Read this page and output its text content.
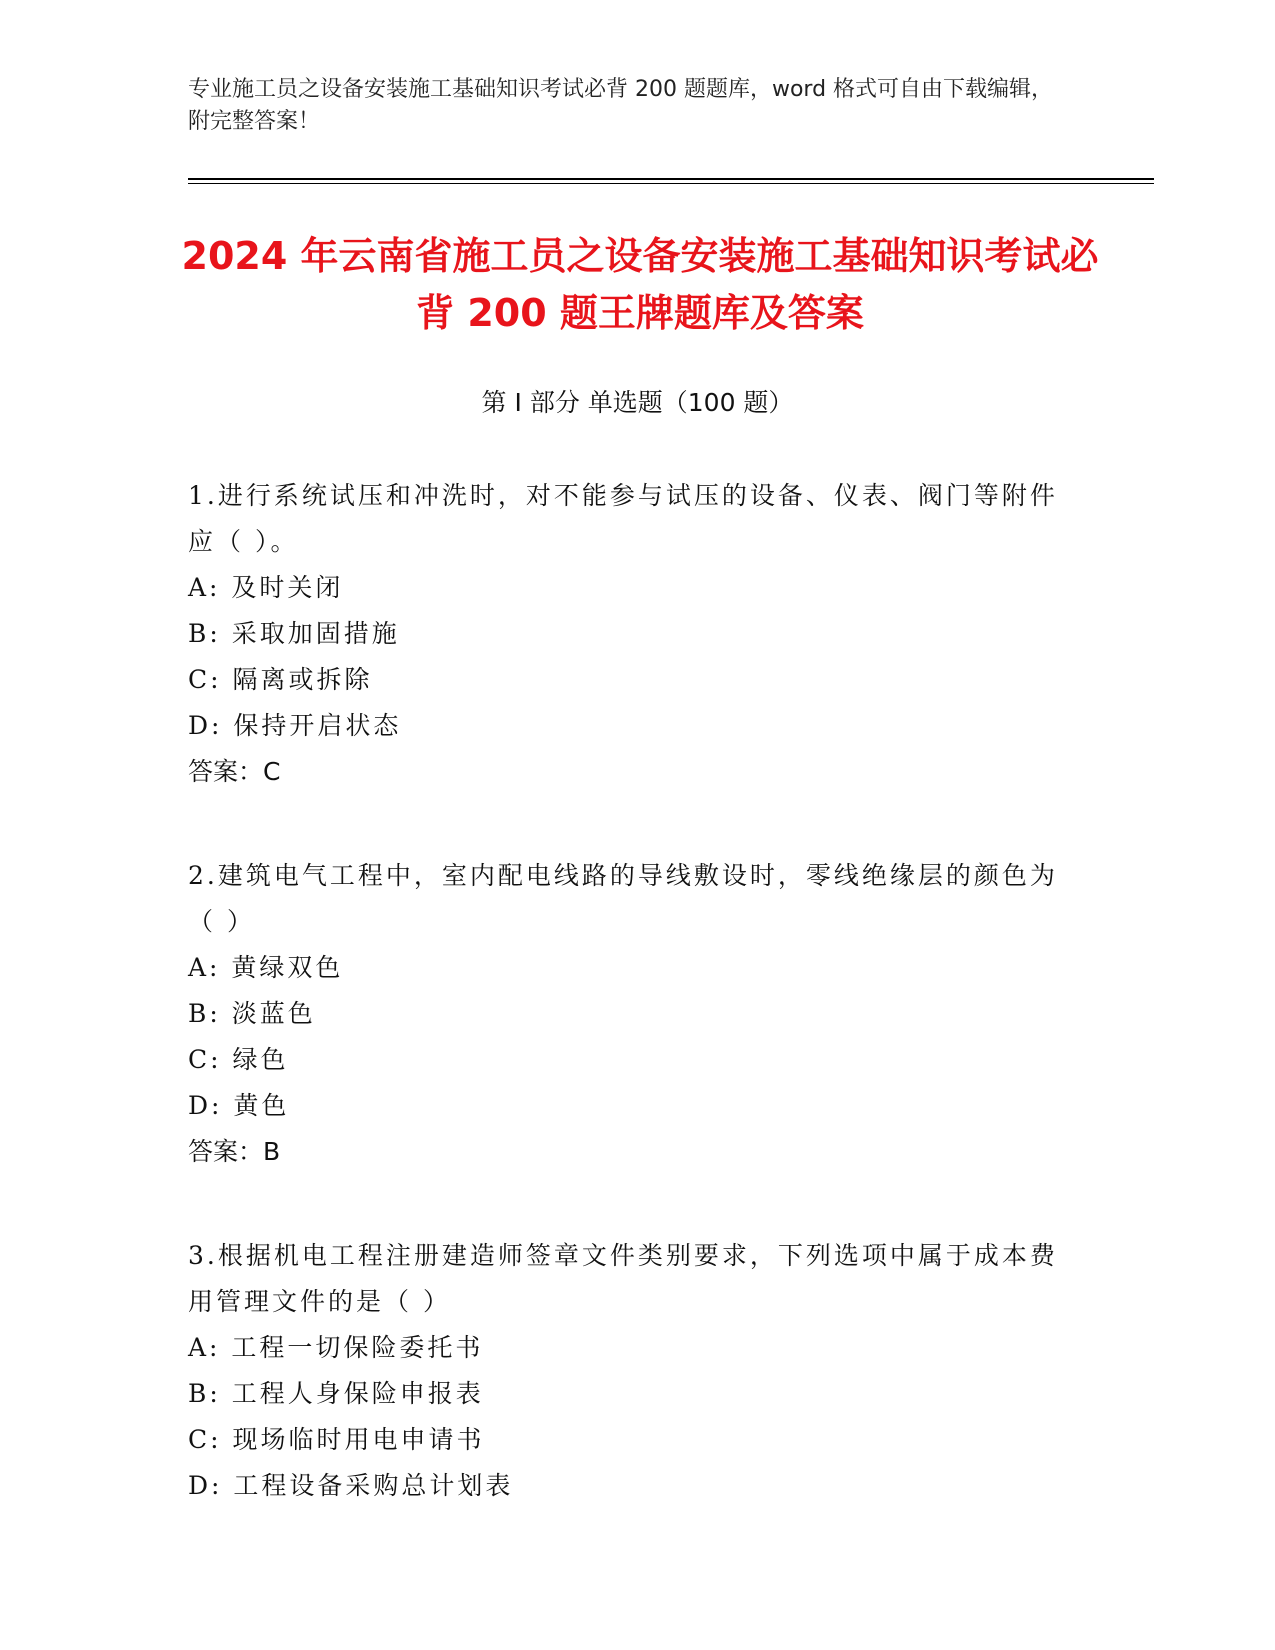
专业施工员之设备安装施工基础知识考试必背 200 题题库，word 格式可自由下载编辑，附完整答案！
2024 年云南省施工员之设备安装施工基础知识考试必背 200 题王牌题库及答案
第 I 部分 单选题（100 题）

1.进行系统试压和冲洗时，对不能参与试压的设备、仪表、阀门等附件应（ ）。

A: 及时关闭

B: 采取加固措施

C: 隔离或拆除

D: 保持开启状态

答案：C

2.建筑电气工程中，室内配电线路的导线敷设时，零线绝缘层的颜色为（ ）

A: 黄绿双色

B: 淡蓝色

C: 绿色

D: 黄色

答案：B

3.根据机电工程注册建造师签章文件类别要求，下列选项中属于成本费用管理文件的是（ ）

A: 工程一切保险委托书

B: 工程人身保险申报表

C: 现场临时用电申请书

D: 工程设备采购总计划表
